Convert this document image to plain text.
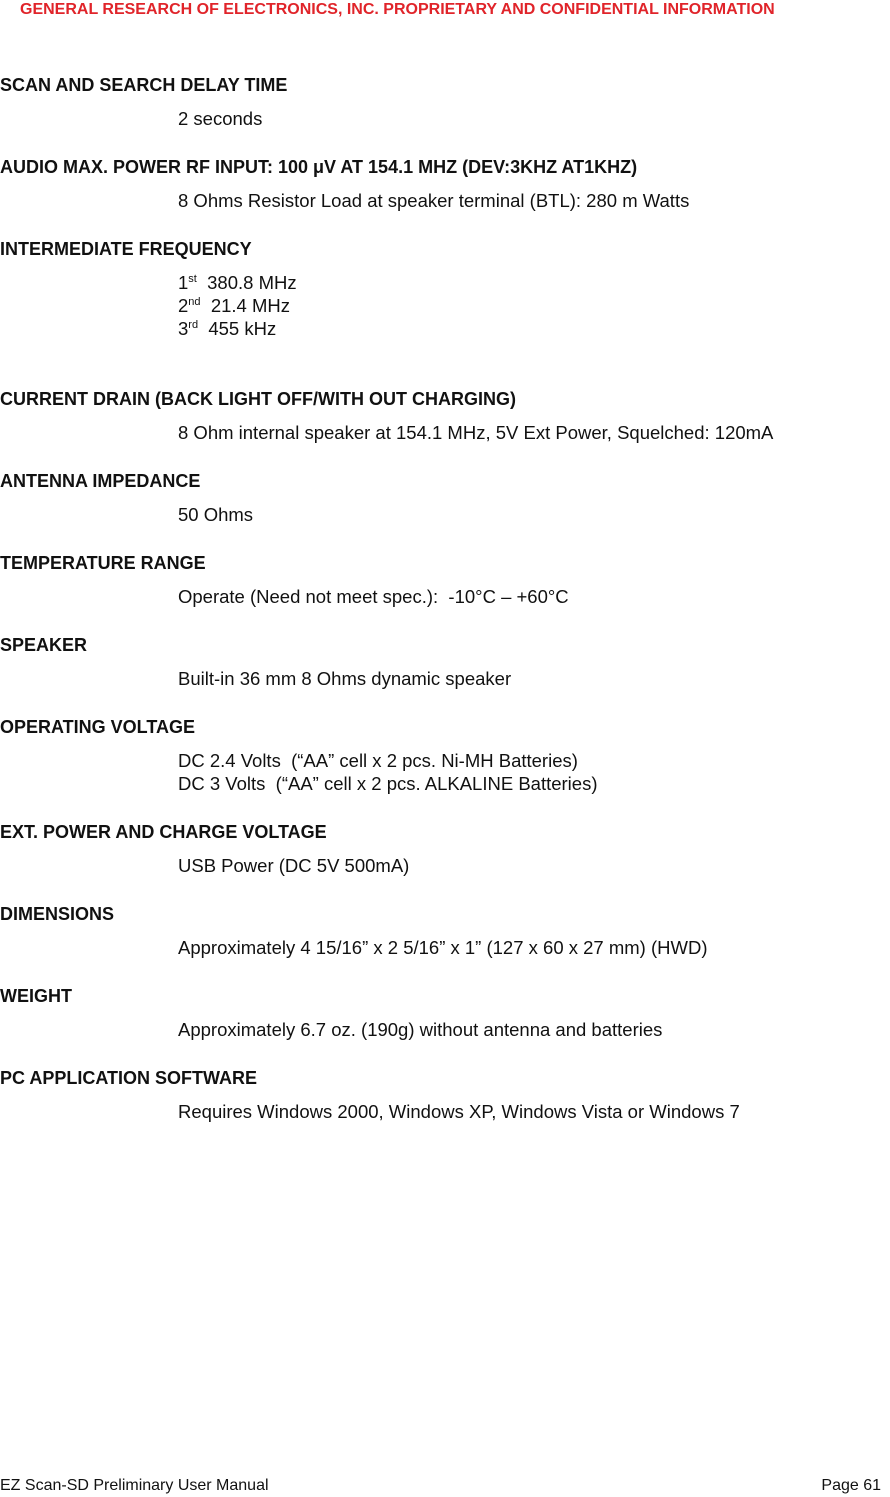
GENERAL RESEARCH OF ELECTRONICS, INC. PROPRIETARY AND CONFIDENTIAL INFORMATION
SCAN AND SEARCH DELAY TIME
2 seconds
AUDIO MAX. POWER RF INPUT: 100 μV AT 154.1 MHZ (DEV:3KHZ AT1KHZ)
8 Ohms Resistor Load at speaker terminal (BTL): 280 m Watts
INTERMEDIATE FREQUENCY
1st  380.8 MHz
2nd  21.4 MHz
3rd  455 kHz
CURRENT DRAIN (BACK LIGHT OFF/WITH OUT CHARGING)
8 Ohm internal speaker at 154.1 MHz, 5V Ext Power, Squelched: 120mA
ANTENNA IMPEDANCE
50 Ohms
TEMPERATURE RANGE
Operate (Need not meet spec.):  -10°C – +60°C
SPEAKER
Built-in 36 mm 8 Ohms dynamic speaker
OPERATING VOLTAGE
DC 2.4 Volts  (“AA” cell x 2 pcs. Ni-MH Batteries)
DC 3 Volts  (“AA” cell x 2 pcs. ALKALINE Batteries)
EXT. POWER AND CHARGE VOLTAGE
USB Power (DC 5V 500mA)
DIMENSIONS
Approximately 4 15/16” x 2 5/16” x 1” (127 x 60 x 27 mm) (HWD)
WEIGHT
Approximately 6.7 oz. (190g) without antenna and batteries
PC APPLICATION SOFTWARE
Requires Windows 2000, Windows XP, Windows Vista or Windows 7
EZ Scan-SD Preliminary User Manual	Page 61
